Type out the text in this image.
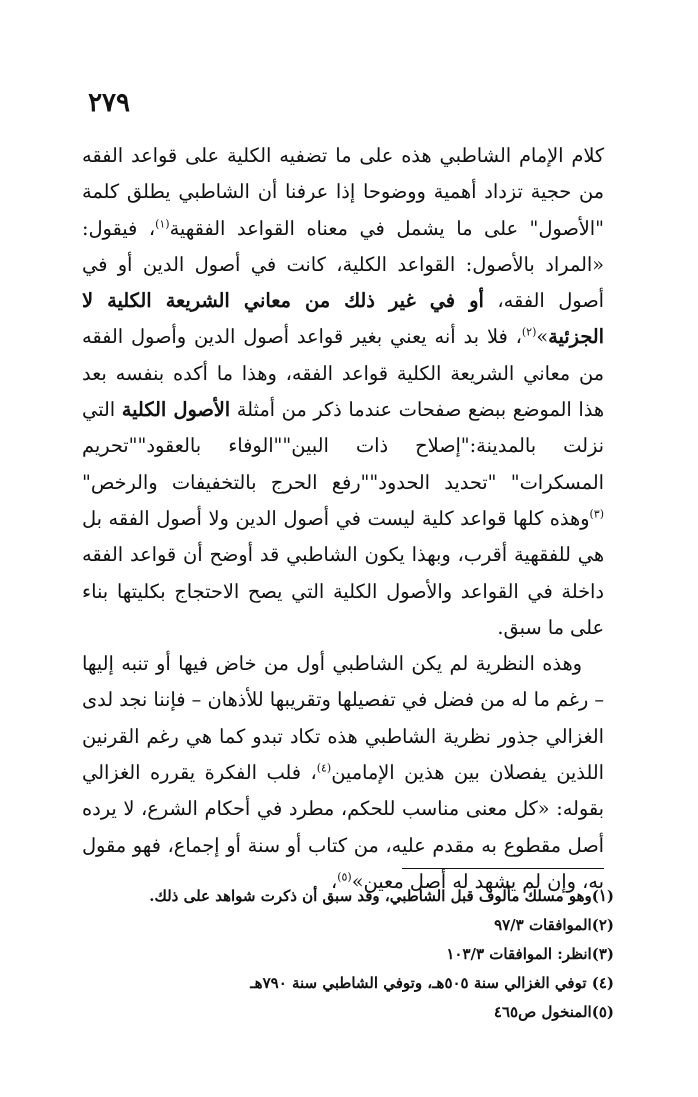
٢٧٩

كلام الإمام الشاطبي هذه على ما تضفيه الكلية على قواعد الفقه من حجية تزداد أهمية ووضوحا إذا عرفنا أن الشاطبي يطلق كلمة "الأصول" على ما يشمل في معناه القواعد الفقهية$^{(١)}$، فيقول: «المراد بالأصول: القواعد الكلية، كانت في أصول الدين أو في أصول الفقه، أو في غير ذلك من معاني الشريعة الكلية لا الجزئية»$^{(٢)}$، فلا بد أنه يعني بغير قواعد أصول الدين وأصول الفقه من معاني الشريعة الكلية قواعد الفقه، وهذا ما أكده بنفسه بعد هذا الموضع ببضع صفحات عندما ذكر من أمثلة الأصول الكلية التي نزلت بالمدينة:"إصلاح ذات البين""الوفاء بالعقود""تحريم المسكرات" "تحديد الحدود""رفع الحرج بالتخفيفات والرخص"$^{(٣)}$وهذه كلها قواعد كلية ليست في أصول الدين ولا أصول الفقه بل هي للفقهية أقرب، وبهذا يكون الشاطبي قد أوضح أن قواعد الفقه داخلة في القواعد والأصول الكلية التي يصح الاحتجاج بكليتها بناء على ما سبق.

وهذه النظرية لم يكن الشاطبي أول من خاض فيها أو تنبه إليها – رغم ما له من فضل في تفصيلها وتقريبها للأذهان – فإننا نجد لدى الغزالي جذور نظرية الشاطبي هذه تكاد تبدو كما هي رغم القرنين اللذين يفصلان بين هذين الإمامين$^{(٤)}$، فلب الفكرة يقرره الغزالي بقوله: «كل معنى مناسب للحكم، مطرد في أحكام الشرع، لا يرده أصل مقطوع به مقدم عليه، من كتاب أو سنة أو إجماع، فهو مقول به، وإن لم يشهد له أصل معين»$^{(٥)}$،

(١)وهو مسلك مألوف قبل الشاطبي، وقد سبق أن ذكرت شواهد على ذلك.
(٢)الموافقات ٩٧/٣
(٣)انظر: الموافقات ١٠٣/٣
(٤) توفي الغزالي سنة ٥٠٥هـ، وتوفي الشاطبي سنة ٧٩٠هـ
(٥)المنخول ص٤٦٥
